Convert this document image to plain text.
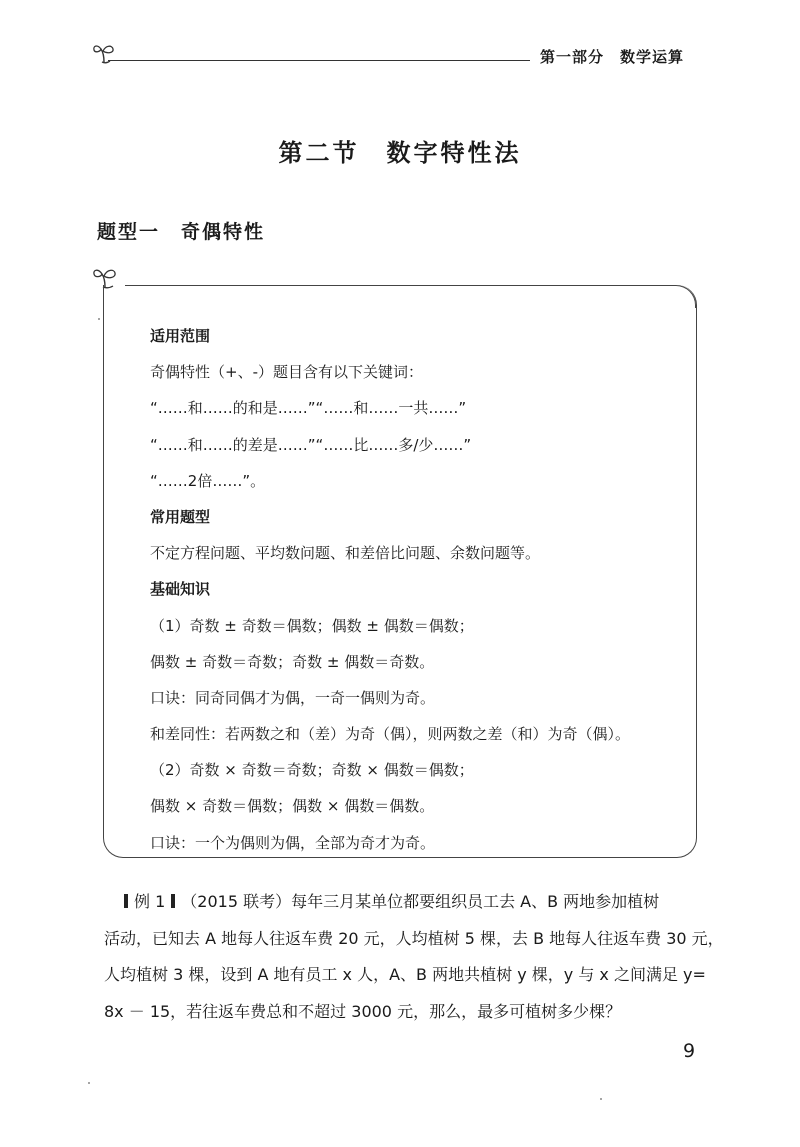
第一部分　数学运算
第二节　数字特性法
题型一　奇偶特性
适用范围
奇偶特性（+、-）题目含有以下关键词：
“……和……的和是……”“……和……一共……”
“……和……的差是……”“……比……多/少……”
“……2倍……”。
常用题型
不定方程问题、平均数问题、和差倍比问题、余数问题等。
基础知识
（1）奇数 ± 奇数＝偶数；偶数 ± 偶数＝偶数；
偶数 ± 奇数＝奇数；奇数 ± 偶数＝奇数。
口诀：同奇同偶才为偶，一奇一偶则为奇。
和差同性：若两数之和（差）为奇（偶），则两数之差（和）为奇（偶）。
（2）奇数 × 奇数＝奇数；奇数 × 偶数＝偶数；
偶数 × 奇数＝偶数；偶数 × 偶数＝偶数。
口诀：一个为偶则为偶，全部为奇才为奇。
例 1 （2015 联考）每年三月某单位都要组织员工去 A、B 两地参加植树
活动，已知去 A 地每人往返车费 20 元，人均植树 5 棵，去 B 地每人往返车费 30 元，
人均植树 3 棵，设到 A 地有员工 x 人，A、B 两地共植树 y 棵，y 与 x 之间满足 y=
8x － 15，若往返车费总和不超过 3000 元，那么，最多可植树多少棵？
9
